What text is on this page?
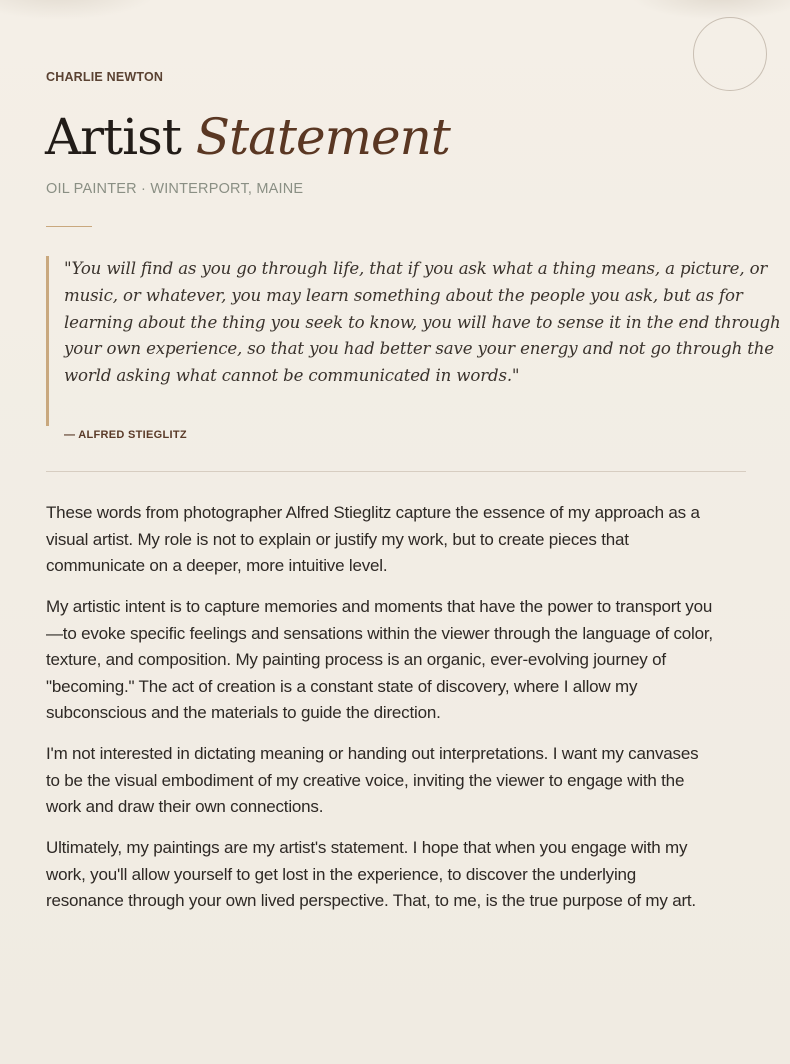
CHARLIE NEWTON
Artist Statement
OIL PAINTER · WINTERPORT, MAINE
"You will find as you go through life, that if you ask what a thing means, a picture, or music, or whatever, you may learn something about the people you ask, but as for learning about the thing you seek to know, you will have to sense it in the end through your own experience, so that you had better save your energy and not go through the world asking what cannot be communicated in words."
— ALFRED STIEGLITZ

These words from photographer Alfred Stieglitz capture the essence of my approach as a visual artist. My role is not to explain or justify my work, but to create pieces that communicate on a deeper, more intuitive level.

My artistic intent is to capture memories and moments that have the power to transport you—to evoke specific feelings and sensations within the viewer through the language of color, texture, and composition. My painting process is an organic, ever-evolving journey of "becoming." The act of creation is a constant state of discovery, where I allow my subconscious and the materials to guide the direction.

I'm not interested in dictating meaning or handing out interpretations. I want my canvases to be the visual embodiment of my creative voice, inviting the viewer to engage with the work and draw their own connections.

Ultimately, my paintings are my artist's statement. I hope that when you engage with my work, you'll allow yourself to get lost in the experience, to discover the underlying resonance through your own lived perspective. That, to me, is the true purpose of my art.
